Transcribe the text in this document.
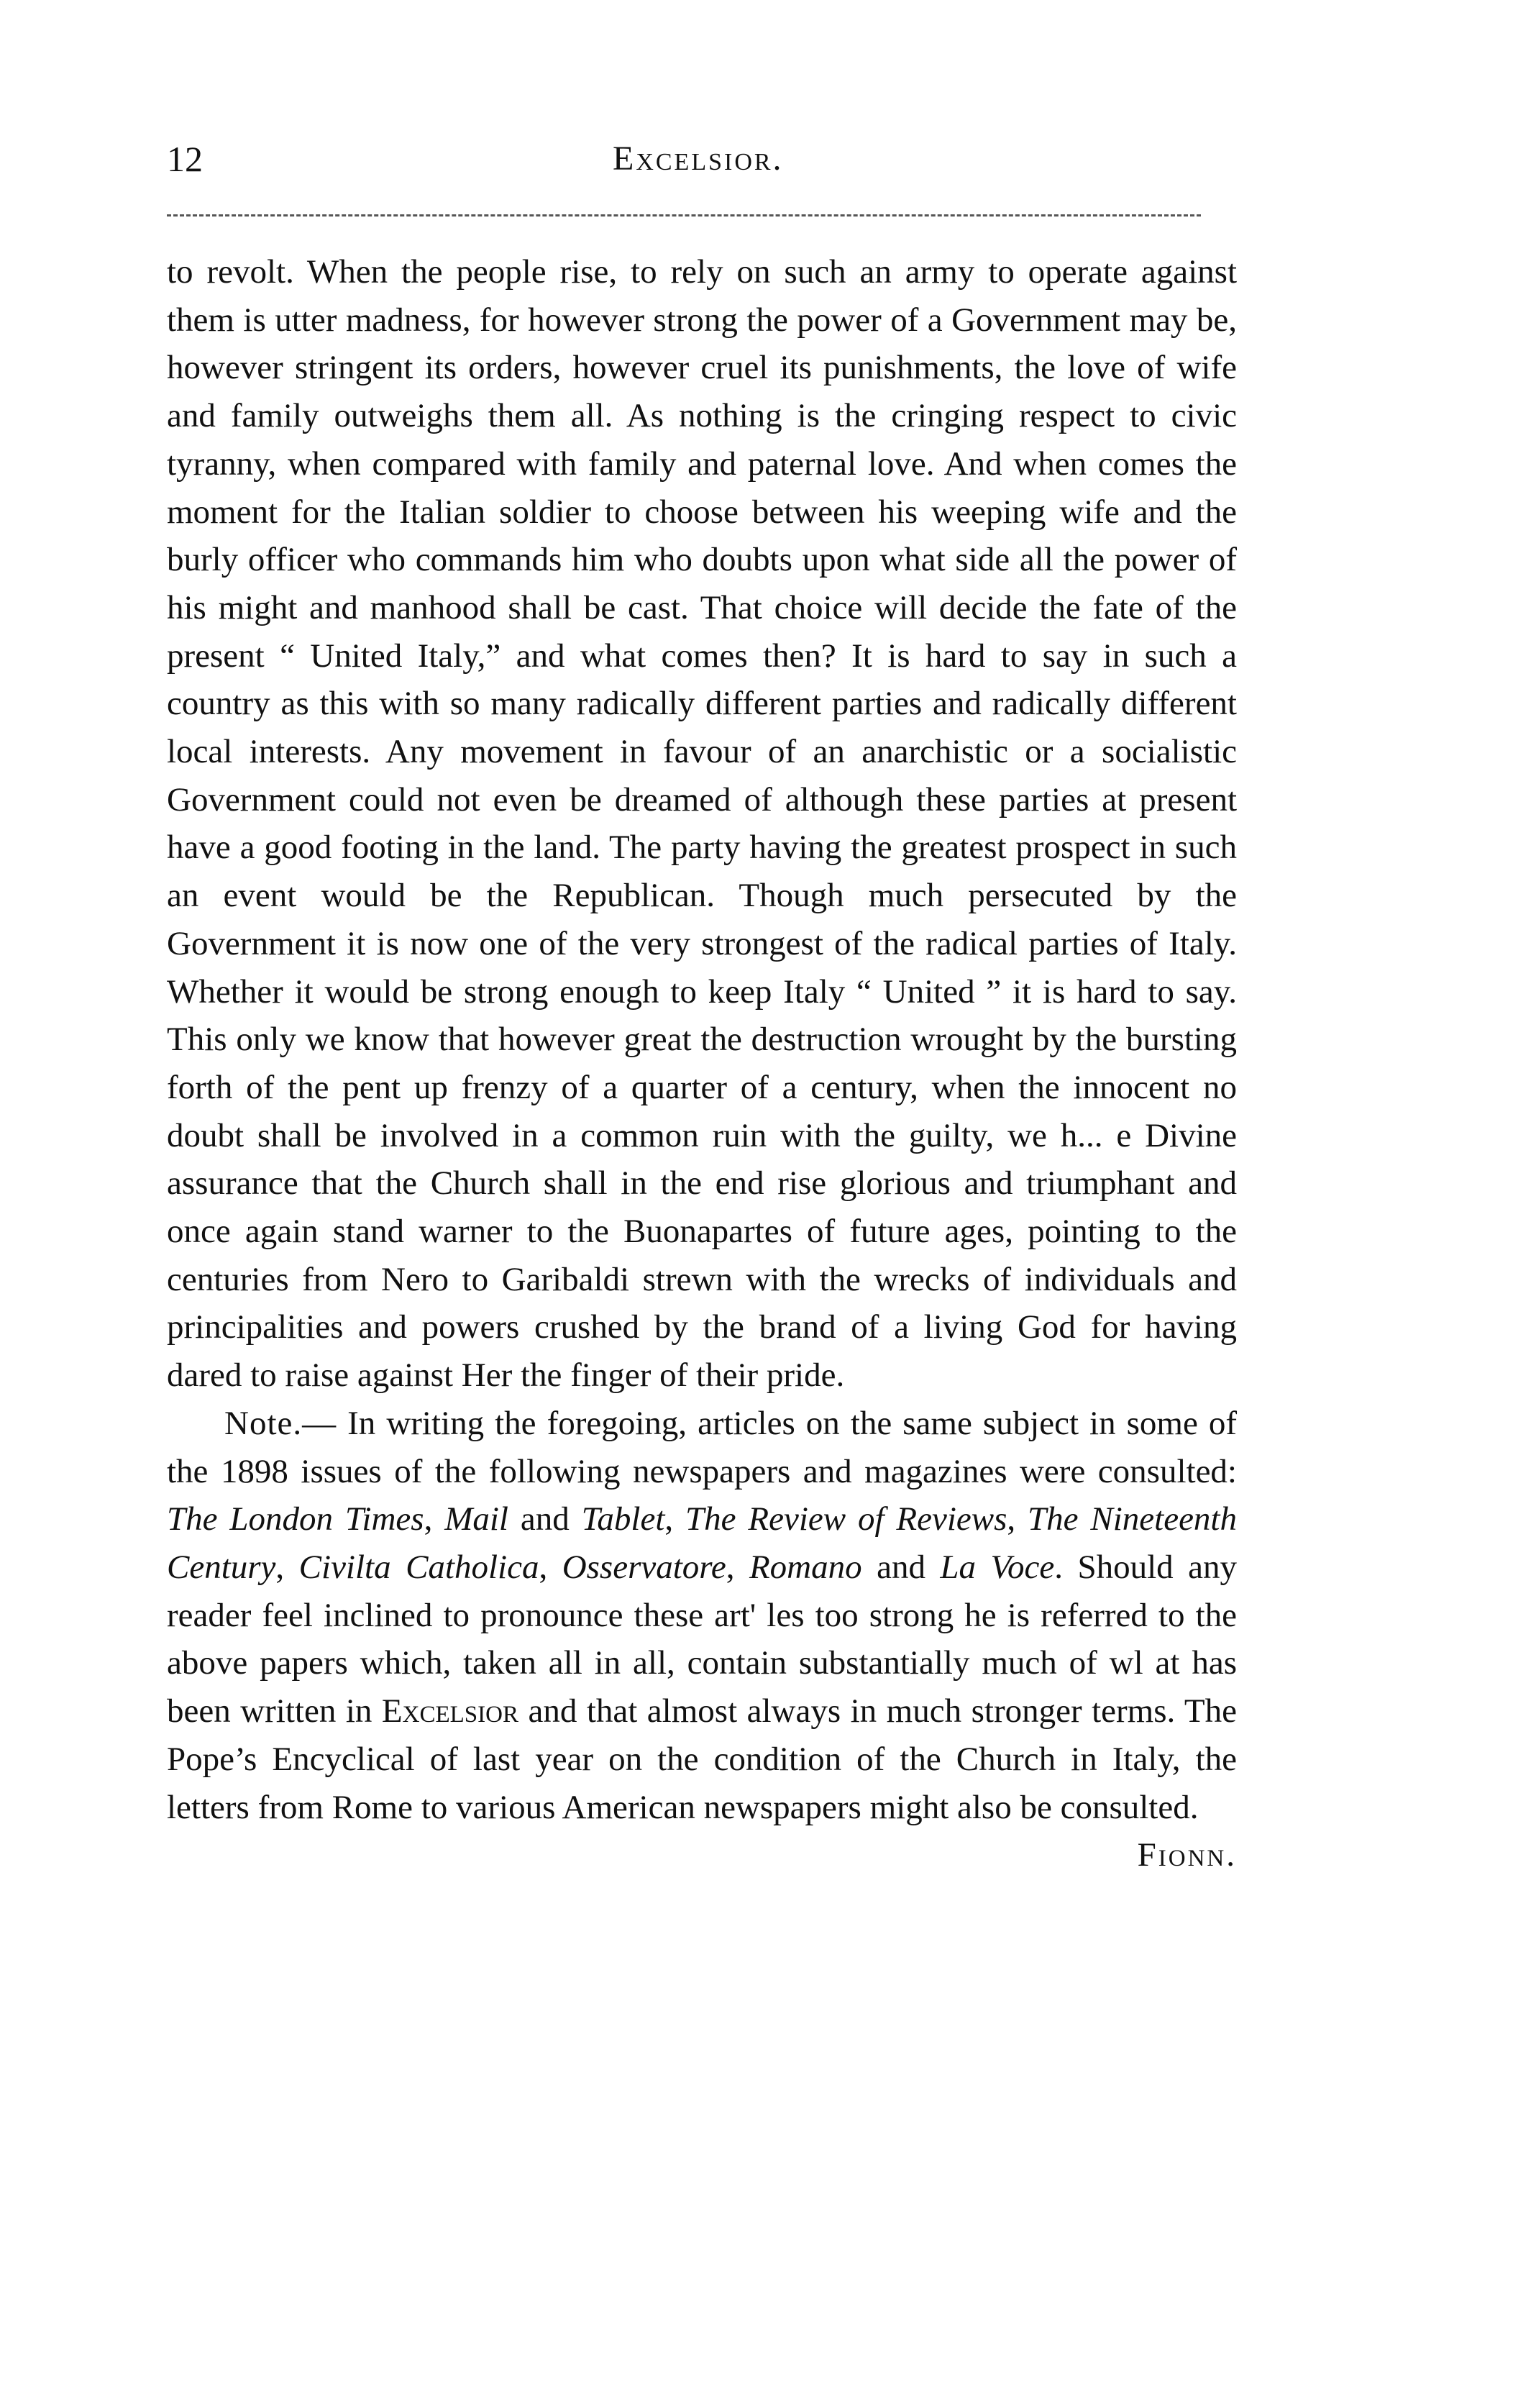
12	Excelsior.

to revolt. When the people rise, to rely on such an army to operate against them is utter madness, for however strong the power of a Government may be, however stringent its orders, however cruel its punishments, the love of wife and family outweighs them all. As nothing is the cringing respect to civic tyranny, when compared with family and paternal love. And when comes the moment for the Italian soldier to choose between his weeping wife and the burly officer who commands him who doubts upon what side all the power of his might and manhood shall be cast. That choice will decide the fate of the present “ United Italy,” and what comes then? It is hard to say in such a country as this with so many radically different parties and radically different local interests. Any movement in favour of an anarchistic or a socialistic Government could not even be dreamed of although these parties at present have a good footing in the land. The party having the greatest prospect in such an event would be the Republican. Though much persecuted by the Government it is now one of the very strongest of the radical parties of Italy. Whether it would be strong enough to keep Italy “ United ” it is hard to say. This only we know that however great the destruction wrought by the bursting forth of the pent up frenzy of a quarter of a century, when the innocent no doubt shall be involved in a common ruin with the guilty, we h... e Divine assurance that the Church shall in the end rise glorious and triumphant and once again stand warner to the Buonapartes of future ages, pointing to the centuries from Nero to Garibaldi strewn with the wrecks of individuals and principalities and powers crushed by the brand of a living God for having dared to raise against Her the finger of their pride.

Note.— In writing the foregoing, articles on the same subject in some of the 1898 issues of the following newspapers and magazines were consulted: The London Times, Mail and Tablet, The Review of Reviews, The Nineteenth Century, Civilta Catholica, Osservatore, Romano and La Voce. Should any reader feel inclined to pronounce these art' les too strong he is referred to the above papers which, taken all in all, contain substantially much of wl at has been written in Excelsior and that almost always in much stronger terms. The Pope’s Encyclical of last year on the condition of the Church in Italy, the letters from Rome to various American newspapers might also be consulted.
Fionn.
